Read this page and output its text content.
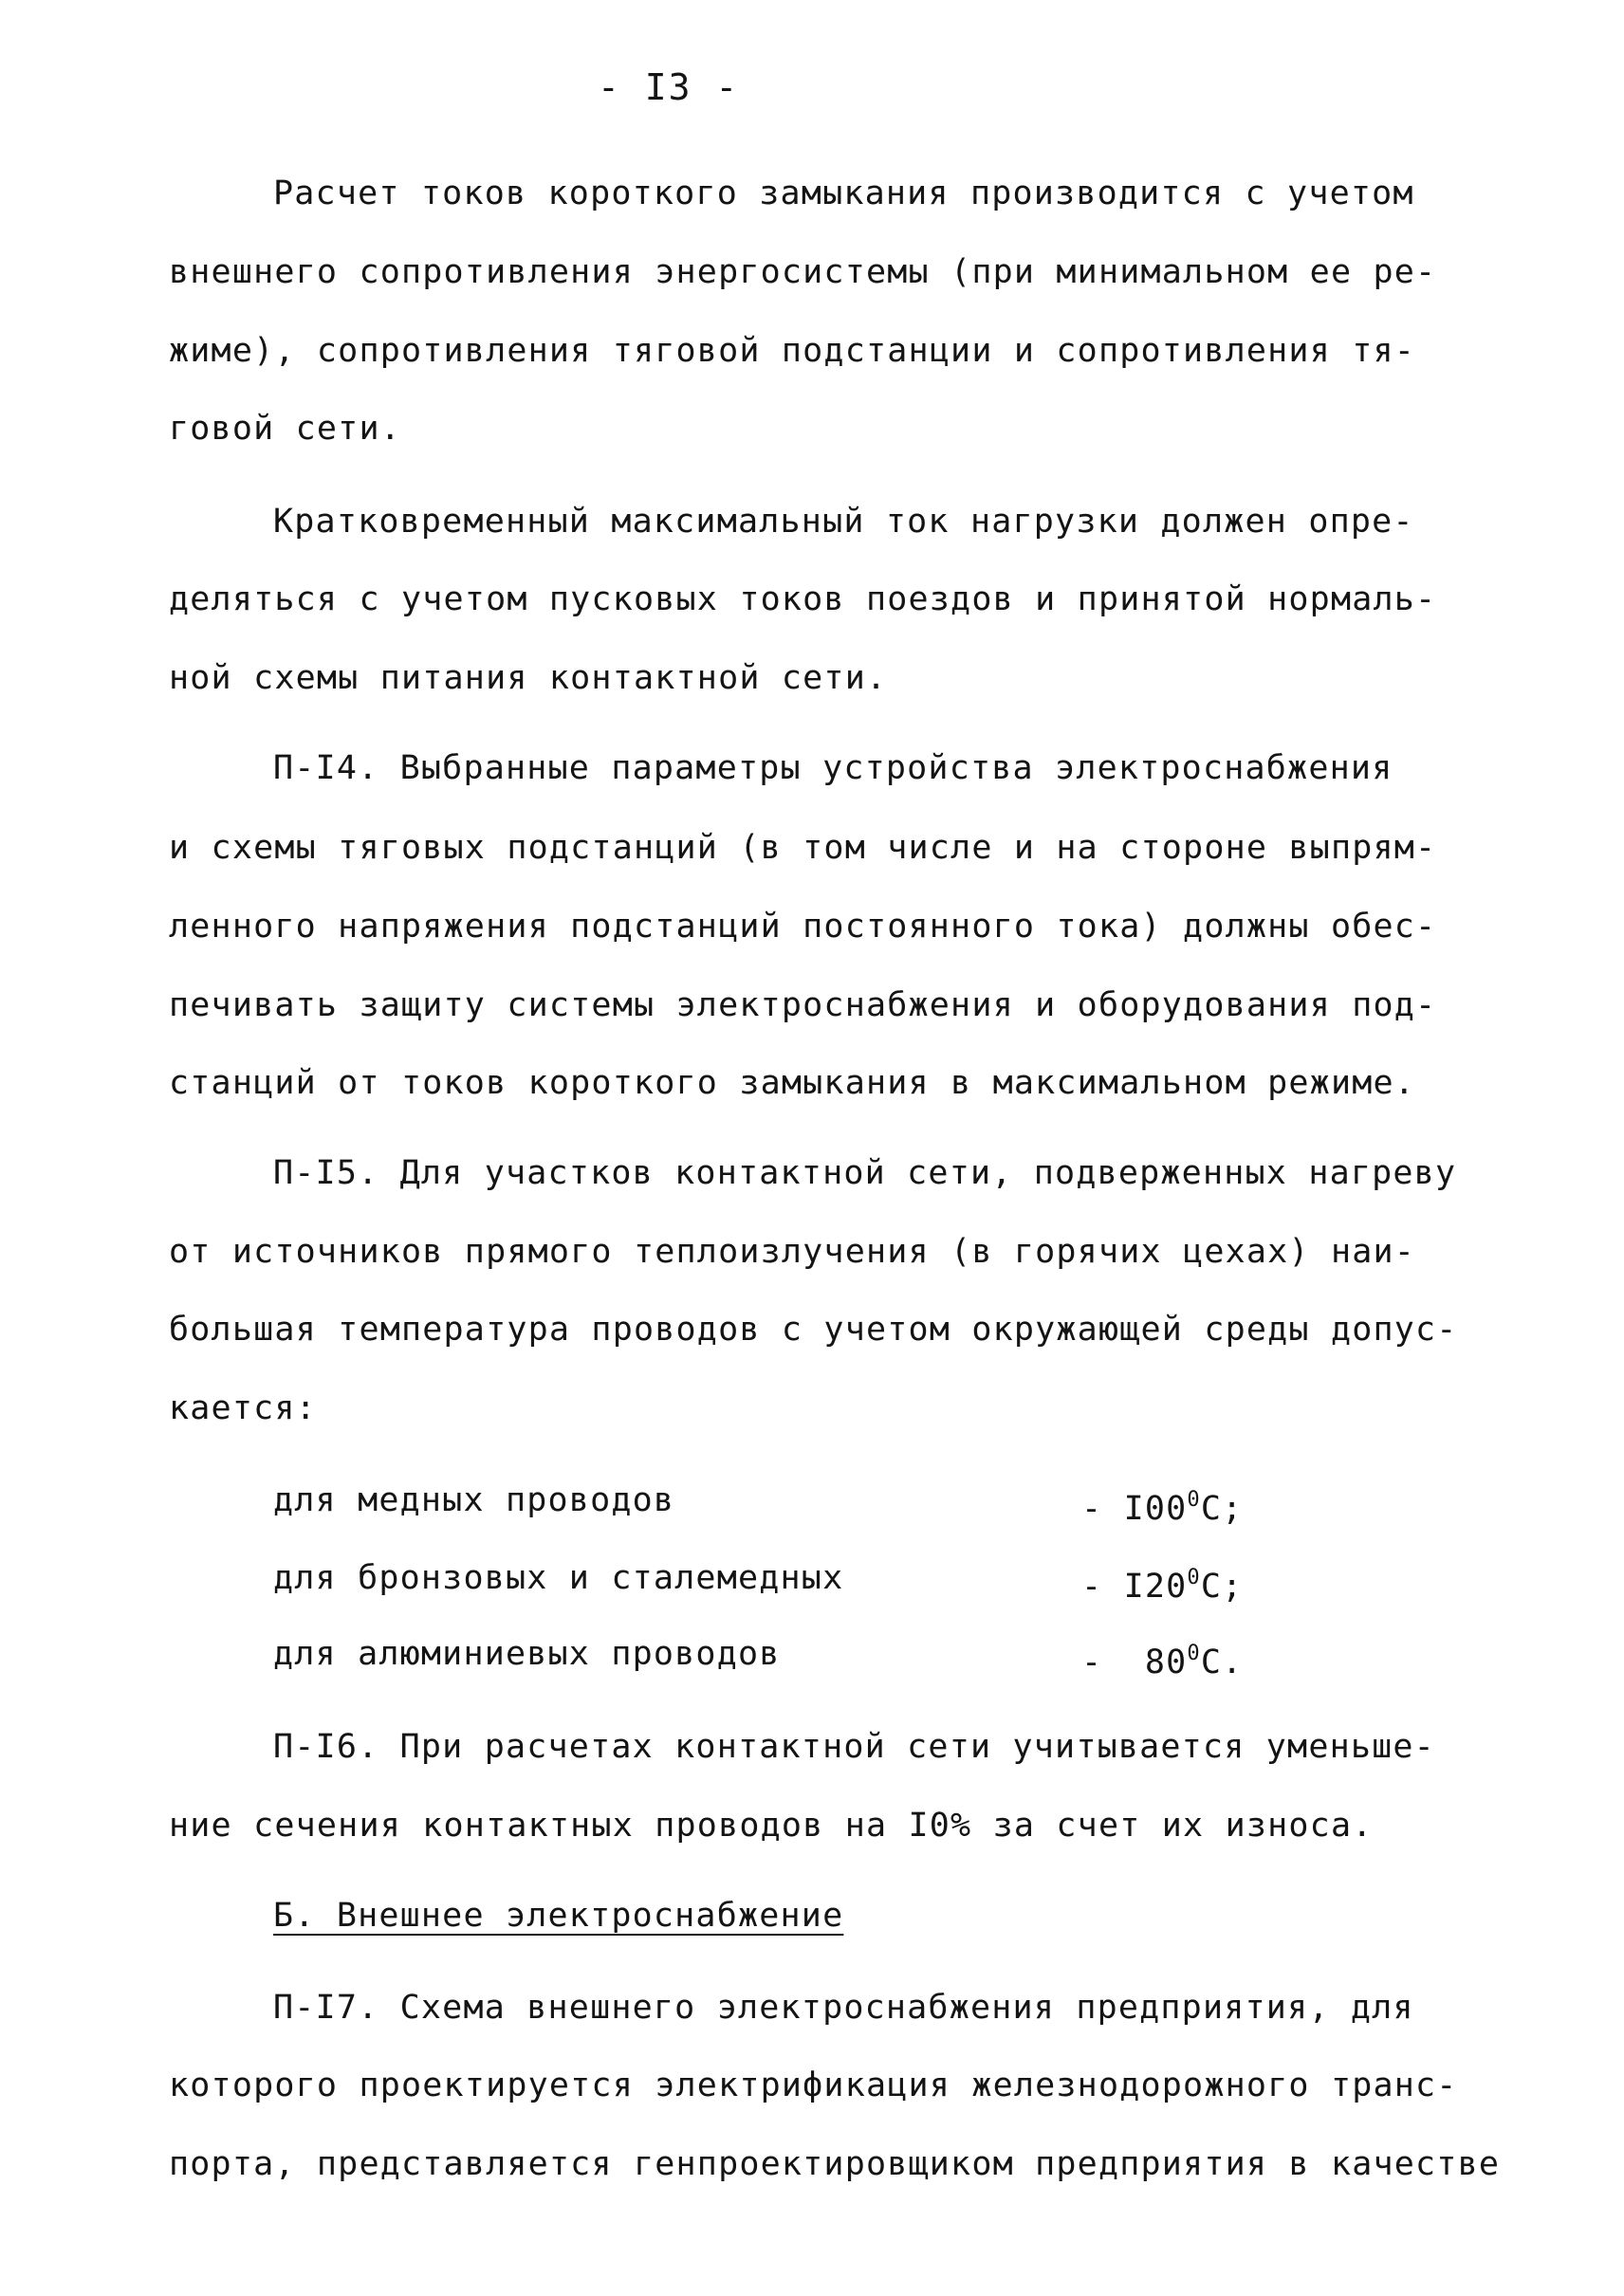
- I3 -
Расчет токов короткого замыкания производится с учетом
внешнего сопротивления энергосистемы (при минимальном ее ре-
жиме), сопротивления тяговой подстанции и сопротивления тя-
говой сети.
Кратковременный максимальный ток нагрузки должен опре-
деляться с учетом пусковых токов поездов и принятой нормаль-
ной схемы питания контактной сети.
П-I4. Выбранные параметры устройства электроснабжения
и схемы тяговых подстанций (в том числе и на стороне выпрям-
ленного напряжения подстанций постоянного тока) должны обес-
печивать защиту системы электроснабжения и оборудования под-
станций от токов короткого замыкания в максимальном режиме.
П-I5. Для участков контактной сети, подверженных нагреву
от источников прямого теплоизлучения (в горячих цехах) наи-
большая температура проводов с учетом окружающей среды допус-
кается:
для медных проводов	- $I00^0C$;
для бронзовых и сталемедных	- $I20^0C$;
для алюминиевых проводов	- $80^0C$.
П-I6. При расчетах контактной сети учитывается уменьше-
ние сечения контактных проводов на I0% за счет их износа.
Б. Внешнее электроснабжение
П-I7. Схема внешнего электроснабжения предприятия, для
которого проектируется электрификация железнодорожного транс-
порта, представляется генпроектировщиком предприятия в качестве
